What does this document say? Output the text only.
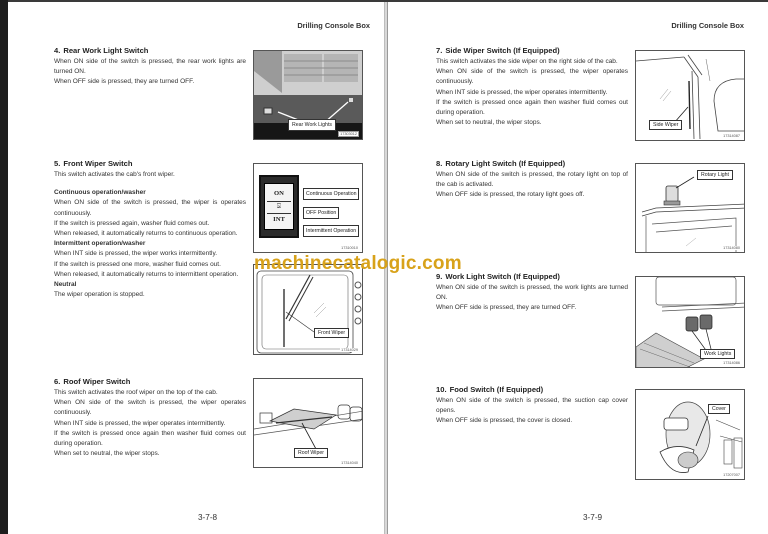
Drilling Console Box
4. Rear Work Light Switch

When ON side of the switch is pressed, the rear work lights are turned ON.

When OFF side is pressed, they are turned OFF.

Rear Work Lights
17303012
5. Front Wiper Switch

This switch activates the cab's front wiper.

Continuous operation/washer

When ON side of the switch is pressed, the wiper is operates continuously.

If the switch is pressed again, washer fluid comes out.

When released, it automatically returns to continuous operation.

Intermittent operation/washer

When INT side is pressed, the wiper works intermittently.

If the switch is pressed one more, washer fluid comes out.

When released, it automatically returns to intermittent operation.

Neutral

The wiper operation is stopped.

ON
⍄
INT
Continuous Operation
OFF Position
Intermittent Operation
17310010
Front Wiper
17314029
6. Roof Wiper Switch

This switch activates the roof wiper on the top of the cab.

When ON side of the switch is pressed, the wiper operates continuously.

When INT side is pressed, the wiper operates intermittently.

If the switch is pressed once again then washer fluid comes out during operation.

When set to neutral, the wiper stops.	Roof Wiper
17314040
3-7-8
Drilling Console Box
7. Side Wiper Switch (If Equipped)

This switch activates the side wiper on the right side of the cab.

When ON side of the switch is pressed, the wiper operates continuously.

When INT side is pressed, the wiper operates intermittently.

If the switch is pressed once again then washer fluid comes out during operation.

When set to neutral, the wiper stops.	Side Wiper
17314087
8. Rotary Light Switch (If Equipped)

When ON side of the switch is pressed, the rotary light on top of the cab is activated.

When OFF side is pressed, the rotary light goes off.

Rotary Light
17314080
9. Work Light Switch (If Equipped)

When ON side of the switch is pressed, the work lights are turned ON.

When OFF side is pressed, they are turned OFF.

Work Lights
17314086
10. Food Switch (If Equipped)

When ON side of the switch is pressed, the suction cap cover opens.

When OFF side is pressed, the cover is closed.

Cover
17207007
3-7-9
machinecatalogic.com
